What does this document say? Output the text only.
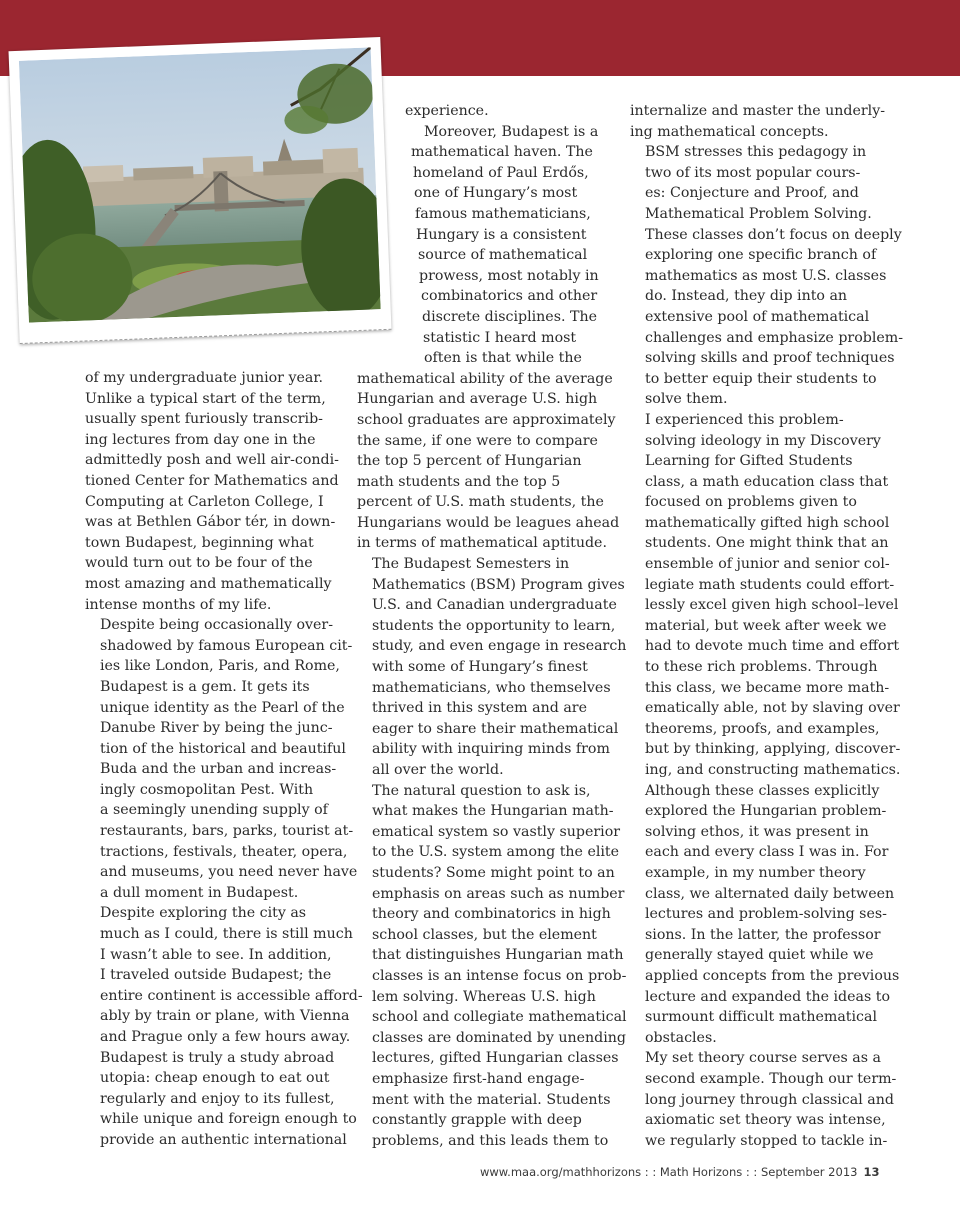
of my undergraduate junior year.
Unlike a typical start of the term,
usually spent furiously transcrib-
ing lectures from day one in the
admittedly posh and well air-condi-
tioned Center for Mathematics and
Computing at Carleton College, I
was at Bethlen Gábor tér, in down-
town Budapest, beginning what
would turn out to be four of the
most amazing and mathematically
intense months of my life.

Despite being occasionally over-
shadowed by famous European cit-
ies like London, Paris, and Rome,
Budapest is a gem. It gets its
unique identity as the Pearl of the
Danube River by being the junc-
tion of the historical and beautiful
Buda and the urban and increas-
ingly cosmopolitan Pest. With
a seemingly unending supply of
restaurants, bars, parks, tourist at-
tractions, festivals, theater, opera,
and museums, you need never have
a dull moment in Budapest.

Despite exploring the city as
much as I could, there is still much
I wasn’t able to see. In addition,
I traveled outside Budapest; the
entire continent is accessible afford-
ably by train or plane, with Vienna
and Prague only a few hours away.
Budapest is truly a study abroad
utopia: cheap enough to eat out
regularly and enjoy to its fullest,
while unique and foreign enough to
provide an authentic international

experience.

Moreover, Budapest is a
mathematical haven. The
homeland of Paul Erdős,
one of Hungary’s most
famous mathematicians,
Hungary is a consistent
source of mathematical
prowess, most notably in
combinatorics and other
discrete disciplines. The
statistic I heard most
often is that while the
mathematical ability of the average
Hungarian and average U.S. high
school graduates are approximately
the same, if one were to compare
the top 5 percent of Hungarian
math students and the top 5
percent of U.S. math students, the
Hungarians would be leagues ahead
in terms of mathematical aptitude.

The Budapest Semesters in
Mathematics (BSM) Program gives
U.S. and Canadian undergraduate
students the opportunity to learn,
study, and even engage in research
with some of Hungary’s finest
mathematicians, who themselves
thrived in this system and are
eager to share their mathematical
ability with inquiring minds from
all over the world.

The natural question to ask is,
what makes the Hungarian math-
ematical system so vastly superior
to the U.S. system among the elite
students? Some might point to an
emphasis on areas such as number
theory and combinatorics in high
school classes, but the element
that distinguishes Hungarian math
classes is an intense focus on prob-
lem solving. Whereas U.S. high
school and collegiate mathematical
classes are dominated by unending
lectures, gifted Hungarian classes
emphasize first-hand engage-
ment with the material. Students
constantly grapple with deep
problems, and this leads them to

internalize and master the underly-
ing mathematical concepts.

BSM stresses this pedagogy in
two of its most popular cours-
es: Conjecture and Proof, and
Mathematical Problem Solving.
These classes don’t focus on deeply
exploring one specific branch of
mathematics as most U.S. classes
do. Instead, they dip into an
extensive pool of mathematical
challenges and emphasize problem-
solving skills and proof techniques
to better equip their students to
solve them.

I experienced this problem-
solving ideology in my Discovery
Learning for Gifted Students
class, a math education class that
focused on problems given to
mathematically gifted high school
students. One might think that an
ensemble of junior and senior col-
legiate math students could effort-
lessly excel given high school–level
material, but week after week we
had to devote much time and effort
to these rich problems. Through
this class, we became more math-
ematically able, not by slaving over
theorems, proofs, and examples,
but by thinking, applying, discover-
ing, and constructing mathematics.

Although these classes explicitly
explored the Hungarian problem-
solving ethos, it was present in
each and every class I was in. For
example, in my number theory
class, we alternated daily between
lectures and problem-solving ses-
sions. In the latter, the professor
generally stayed quiet while we
applied concepts from the previous
lecture and expanded the ideas to
surmount difficult mathematical
obstacles.

My set theory course serves as a
second example. Though our term-
long journey through classical and
axiomatic set theory was intense,
we regularly stopped to tackle in-

www.maa.org/mathhorizons : : Math Horizons : : September 2013 13
